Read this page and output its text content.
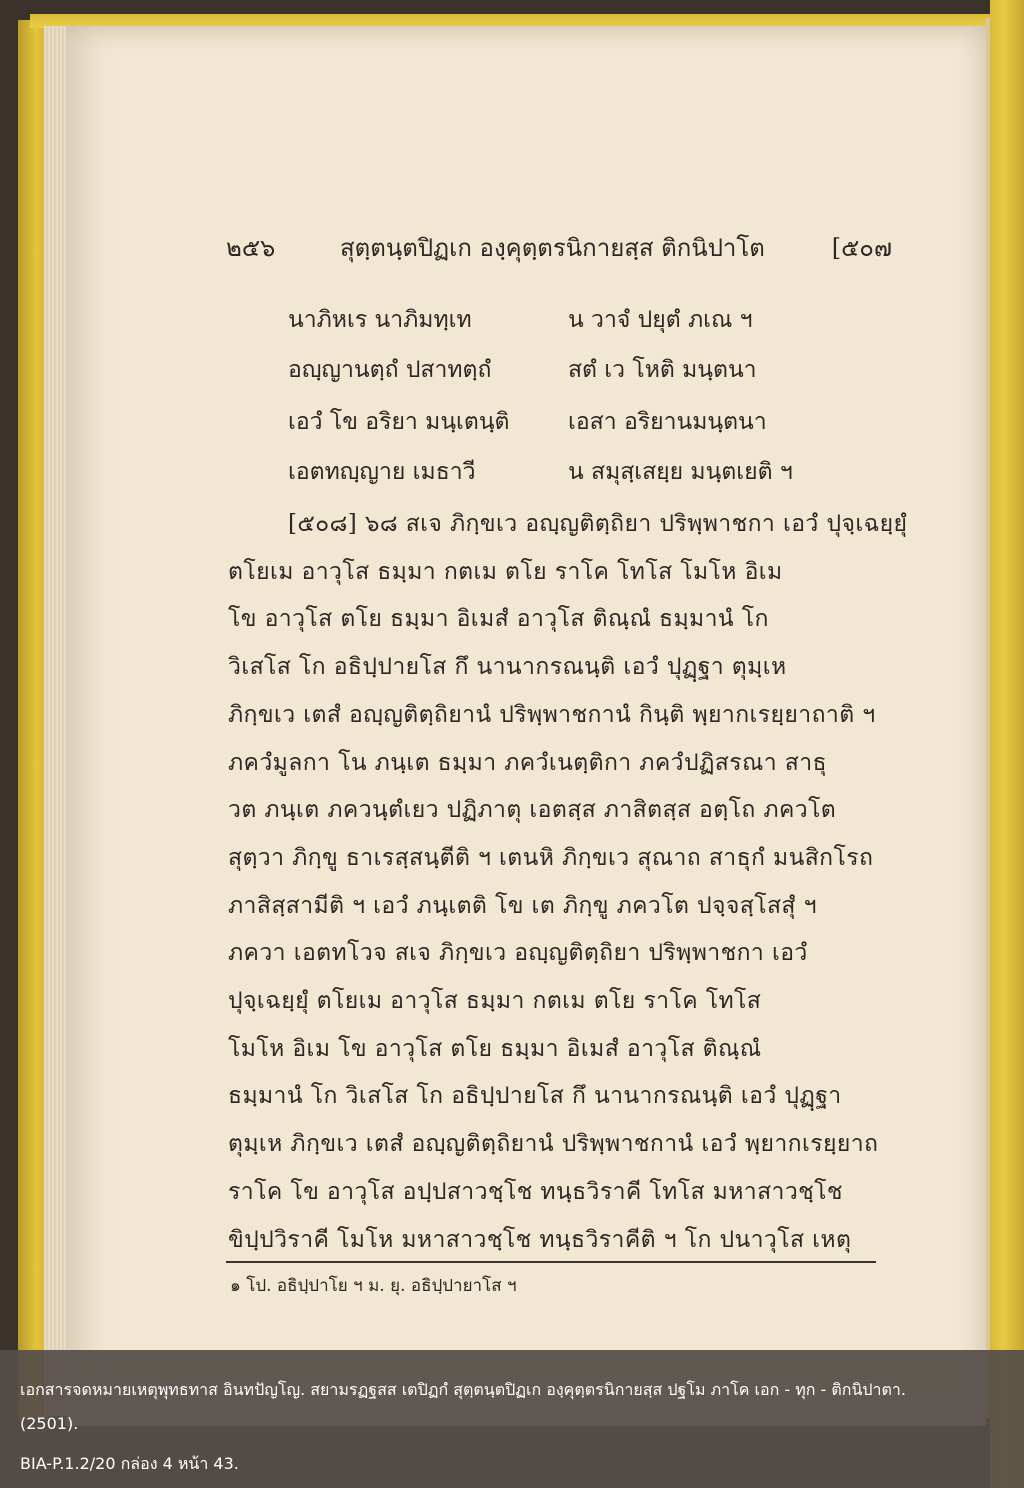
๒๕๖	สุตฺตนฺตปิฏเก องฺคุตฺตรนิกายสฺส ติกนิปาโต	[๕๐๗
นาภิหเร นาภิมทฺเท	น วาจํ ปยุตํ ภเณ ฯ
อญฺญานตฺถํ ปสาทตฺถํ	สตํ เว โหติ มนฺตนา
เอวํ โข อริยา มนฺเตนฺติ	เอสา อริยานมนฺตนา
เอตทญฺญาย เมธาวี	น สมุสฺเสยฺย มนฺตเยติ ฯ
[๕๐๘] ๖๘ สเจ ภิกฺขเว อญฺญติตฺถิยา ปริพฺพาชกา เอวํ ปุจฺเฉยฺยุํ
ตโยเม อาวุโส ธมฺมา กตเม ตโย ราโค โทโส โมโห อิเม
โข อาวุโส ตโย ธมฺมา อิเมสํ อาวุโส ติณฺณํ ธมฺมานํ โก
วิเสโส โก อธิปฺปายโส กึ นานากรณนฺติ เอวํ ปุฏฺฐา ตุมฺเห
ภิกฺขเว เตสํ อญฺญติตฺถิยานํ ปริพฺพาชกานํ กินฺติ พฺยากเรยฺยาถาติ ฯ
ภควํมูลกา โน ภนฺเต ธมฺมา ภควํเนตฺติกา ภควํปฏิสรณา สาธุ
วต ภนฺเต ภควนฺตํเยว ปฏิภาตุ เอตสฺส ภาสิตสฺส อตฺโถ ภควโต
สุตฺวา ภิกฺขู ธาเรสฺสนฺตีติ ฯ เตนหิ ภิกฺขเว สุณาถ สาธุกํ มนสิกโรถ
ภาสิสฺสามีติ ฯ เอวํ ภนฺเตติ โข เต ภิกฺขู ภควโต ปจฺจสฺโสสุํ ฯ
ภควา เอตทโวจ สเจ ภิกฺขเว อญฺญติตฺถิยา ปริพฺพาชกา เอวํ
ปุจฺเฉยฺยุํ ตโยเม อาวุโส ธมฺมา กตเม ตโย ราโค โทโส
โมโห อิเม โข อาวุโส ตโย ธมฺมา อิเมสํ อาวุโส ติณฺณํ
ธมฺมานํ โก วิเสโส โก อธิปฺปายโส กึ นานากรณนฺติ เอวํ ปุฏฺฐา
ตุมฺเห ภิกฺขเว เตสํ อญฺญติตฺถิยานํ ปริพฺพาชกานํ เอวํ พฺยากเรยฺยาถ
ราโค โข อาวุโส อปฺปสาวชฺโช ทนฺธวิราคี โทโส มหาสาวชฺโช
๑ โป. อธิปฺปาโย ฯ ม. ยุ. อธิปฺปายาโส ฯ
ขิปฺปวิราคี โมโห มหาสาวชฺโช ทนฺธวิราคีติ ฯ โก ปนาวุโส เหตุ
เอกสารจดหมายเหตุพุทธทาส อินทปัญโญ. สยามรฏฐสส เตปิฏกํ สุตฺตนฺตปิฏเก องฺคุตฺตรนิกายสฺส ปฐโม ภาโค เอก - ทุก - ติกนิปาตา.
(2501).
BIA-P.1.2/20 กล่อง 4 หน้า 43.
